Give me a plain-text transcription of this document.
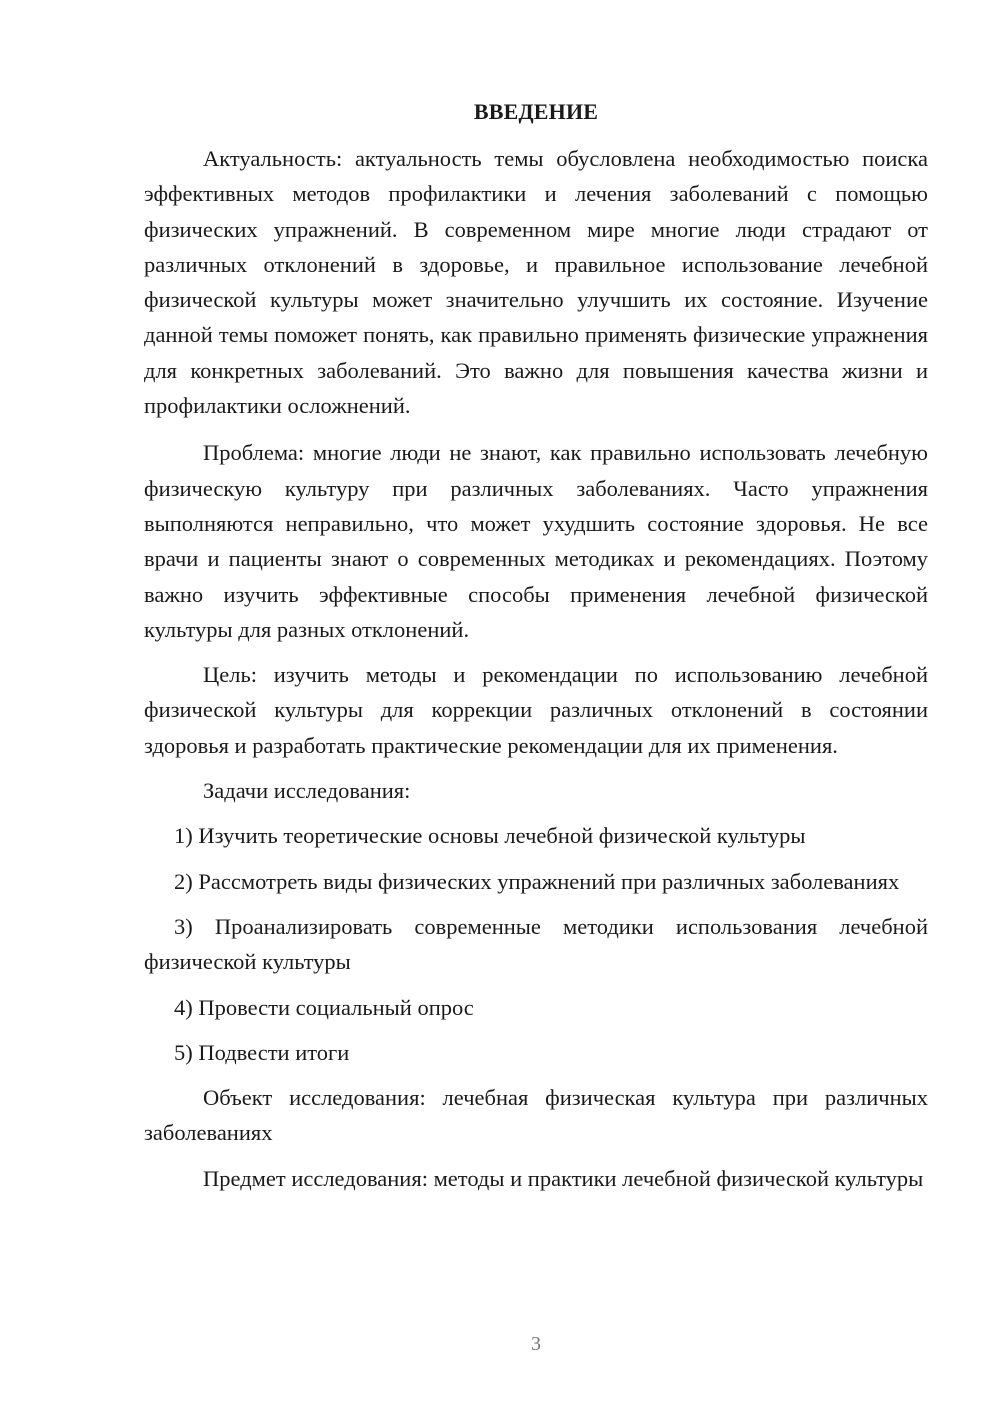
ВВЕДЕНИЕ

Актуальность: актуальность темы обусловлена необходимостью поиска эффективных методов профилактики и лечения заболеваний с помощью физических упражнений. В современном мире многие люди страдают от различных отклонений в здоровье, и правильное использование лечебной физической культуры может значительно улучшить их состояние. Изучение данной темы поможет понять, как правильно применять физические упражнения для конкретных заболеваний. Это важно для повышения качества жизни и профилактики осложнений.

Проблема: многие люди не знают, как правильно использовать лечебную физическую культуру при различных заболеваниях. Часто упражнения выполняются неправильно, что может ухудшить состояние здоровья. Не все врачи и пациенты знают о современных методиках и рекомендациях. Поэтому важно изучить эффективные способы применения лечебной физической культуры для разных отклонений.

Цель: изучить методы и рекомендации по использованию лечебной физической культуры для коррекции различных отклонений в состоянии здоровья и разработать практические рекомендации для их применения.

Задачи исследования:

1) Изучить теоретические основы лечебной физической культуры

2) Рассмотреть виды физических упражнений при различных заболеваниях

3) Проанализировать современные методики использования лечебной физической культуры

4) Провести социальный опрос

5) Подвести итоги

Объект исследования: лечебная физическая культура при различных заболеваниях

Предмет исследования: методы и практики лечебной физической культуры

3
